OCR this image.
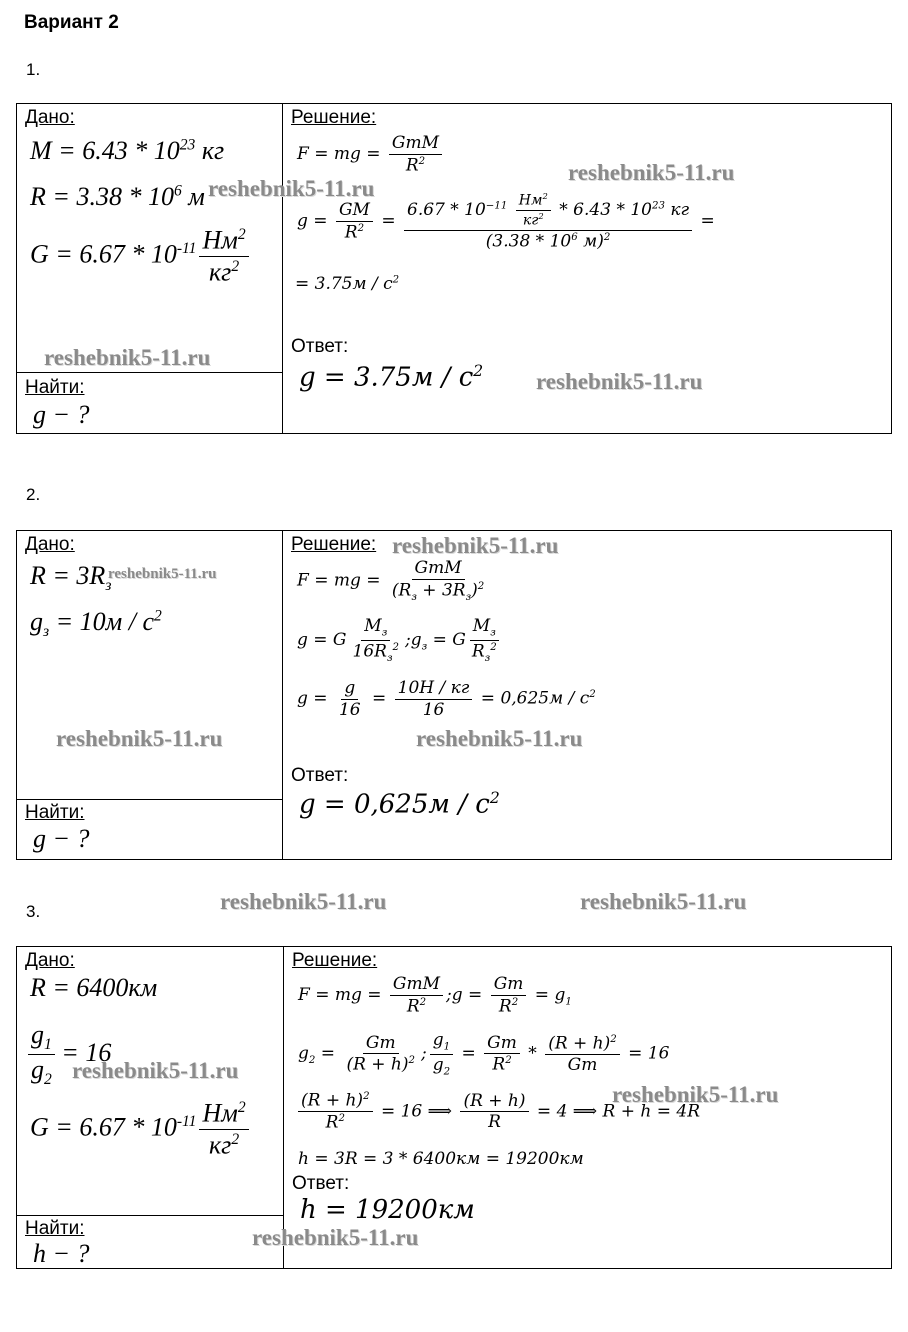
Вариант 2
1.
Дано:
$M = 6.43 * 10^{23}$ кг
$R = 3.38 * 10^6$ м
$G = 6.67 * 10^{-11} \frac{Нм^2}{кг^2}$
Найти:
g − ?
Решение:
F = mg = $\frac{\text{GmM}}{R^2}$
$g = \frac{GM}{R^2} = \frac{6.67 * 10^{-11} \frac{Нм^2}{кг^2} * 6.43 * 10^{23} кг}{(3.38 * 10^6 м)^2}$ =
= $3.75м / с^2$
Ответ:
$g = 3.75м / с^2$
2.
Дано:
$R = 3R_з$
$g_з = 10м / с^2$
Найти:
g − ?
Решение:
F = mg = $\frac{\text{GmM}}{(R_з + 3R_з)^2}$
g = G $\frac{M_з}{16R_з^2}$ $;g_з = G \frac{M_з}{R_з^2}$
$g = \frac{g}{16} = \frac{10Н / кг}{16} = 0,625м / с^2$
Ответ:
$g = 0,625м / с^2$
3.
Дано:
R = 6400км
$\frac{g_1}{g_2} = 16$
$G = 6.67 * 10^{-11} \frac{Нм^2}{кг^2}$
Найти:
h − ?
Решение:
F = mg = $\frac{\text{GmM}}{R^2}$ ;g = $\frac{Gm}{R^2} = g_1$
$g_2 = \frac{Gm}{(R + h)^2}$ ; $\frac{g_1}{g_2} = \frac{Gm}{R^2} * \frac{(R + h)^2}{Gm} = 16$
$\frac{(R + h)^2}{R^2} = 16$ ⟹ $\frac{(R + h)}{R} = 4$ ⟹ R + h = 4R
h = 3R = 3 * 6400км = 19200км
Ответ:
h = 19200км
reshebnik5-11.ru
reshebnik5-11.ru
reshebnik5-11.ru
reshebnik5-11.ru
reshebnik5-11.ru
reshebnik5-11.ru
reshebnik5-11.ru	reshebnik5-11.ru
reshebnik5-11.ru	reshebnik5-11.ru
reshebnik5-11.ru
reshebnik5-11.ru
reshebnik5-11.ru
